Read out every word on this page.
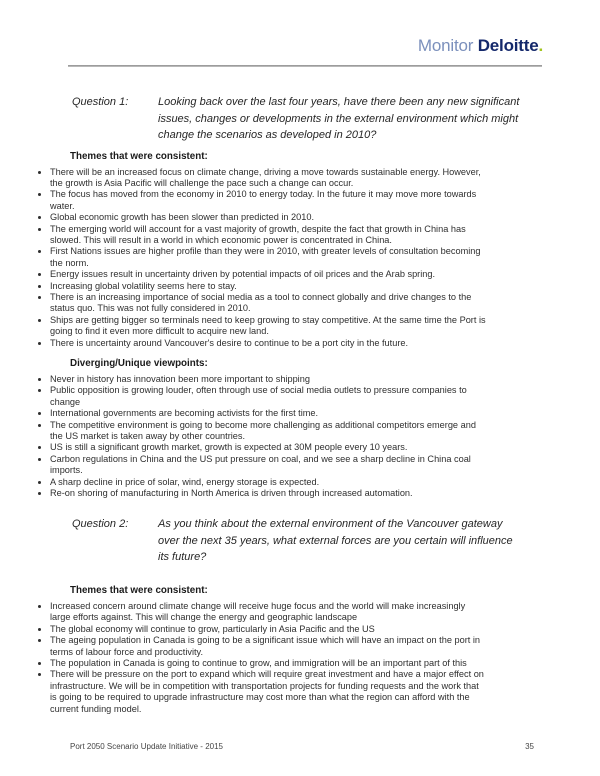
Monitor Deloitte.
Question 1:	Looking back over the last four years, have there been any new significant
issues, changes or developments in the external environment which might
change the scenarios as developed in 2010?
Themes that were consistent:
• There will be an increased focus on climate change, driving a move towards sustainable energy. However, the growth is Asia Pacific will challenge the pace such a change can occur.
• The focus has moved from the economy in 2010 to energy today. In the future it may move more towards water.
• Global economic growth has been slower than predicted in 2010.
• The emerging world will account for a vast majority of growth, despite the fact that growth in China has slowed. This will result in a world in which economic power is concentrated in China.
• First Nations issues are higher profile than they were in 2010, with greater levels of consultation becoming the norm.
• Energy issues result in uncertainty driven by potential impacts of oil prices and the Arab spring.
• Increasing global volatility seems here to stay.
• There is an increasing importance of social media as a tool to connect globally and drive changes to the status quo. This was not fully considered in 2010.
• Ships are getting bigger so terminals need to keep growing to stay competitive. At the same time the Port is going to find it even more difficult to acquire new land.
• There is uncertainty around Vancouver's desire to continue to be a port city in the future.
Diverging/Unique viewpoints:
• Never in history has innovation been more important to shipping
• Public opposition is growing louder, often through use of social media outlets to pressure companies to change
• International governments are becoming activists for the first time.
• The competitive environment is going to become more challenging as additional competitors emerge and the US market is taken away by other countries.
• US is still a significant growth market, growth is expected at 30M people every 10 years.
• Carbon regulations in China and the US put pressure on coal, and we see a sharp decline in China coal imports.
• A sharp decline in price of solar, wind, energy storage is expected.
• Re-on shoring of manufacturing in North America is driven through increased automation.
Question 2:	As you think about the external environment of the Vancouver gateway
over the next 35 years, what external forces are you certain will influence
its future?
Themes that were consistent:
• Increased concern around climate change will receive huge focus and the world will make increasingly large efforts against. This will change the energy and geographic landscape
• The global economy will continue to grow, particularly in Asia Pacific and the US
• The ageing population in Canada is going to be a significant issue which will have an impact on the port in terms of labour force and productivity.
• The population in Canada is going to continue to grow, and immigration will be an important part of this
• There will be pressure on the port to expand which will require great investment and have a major effect on infrastructure. We will be in competition with transportation projects for funding requests and the work that is going to be required to upgrade infrastructure may cost more than what the region can afford with the current funding model.
Port 2050 Scenario Update Initiative - 2015	35
